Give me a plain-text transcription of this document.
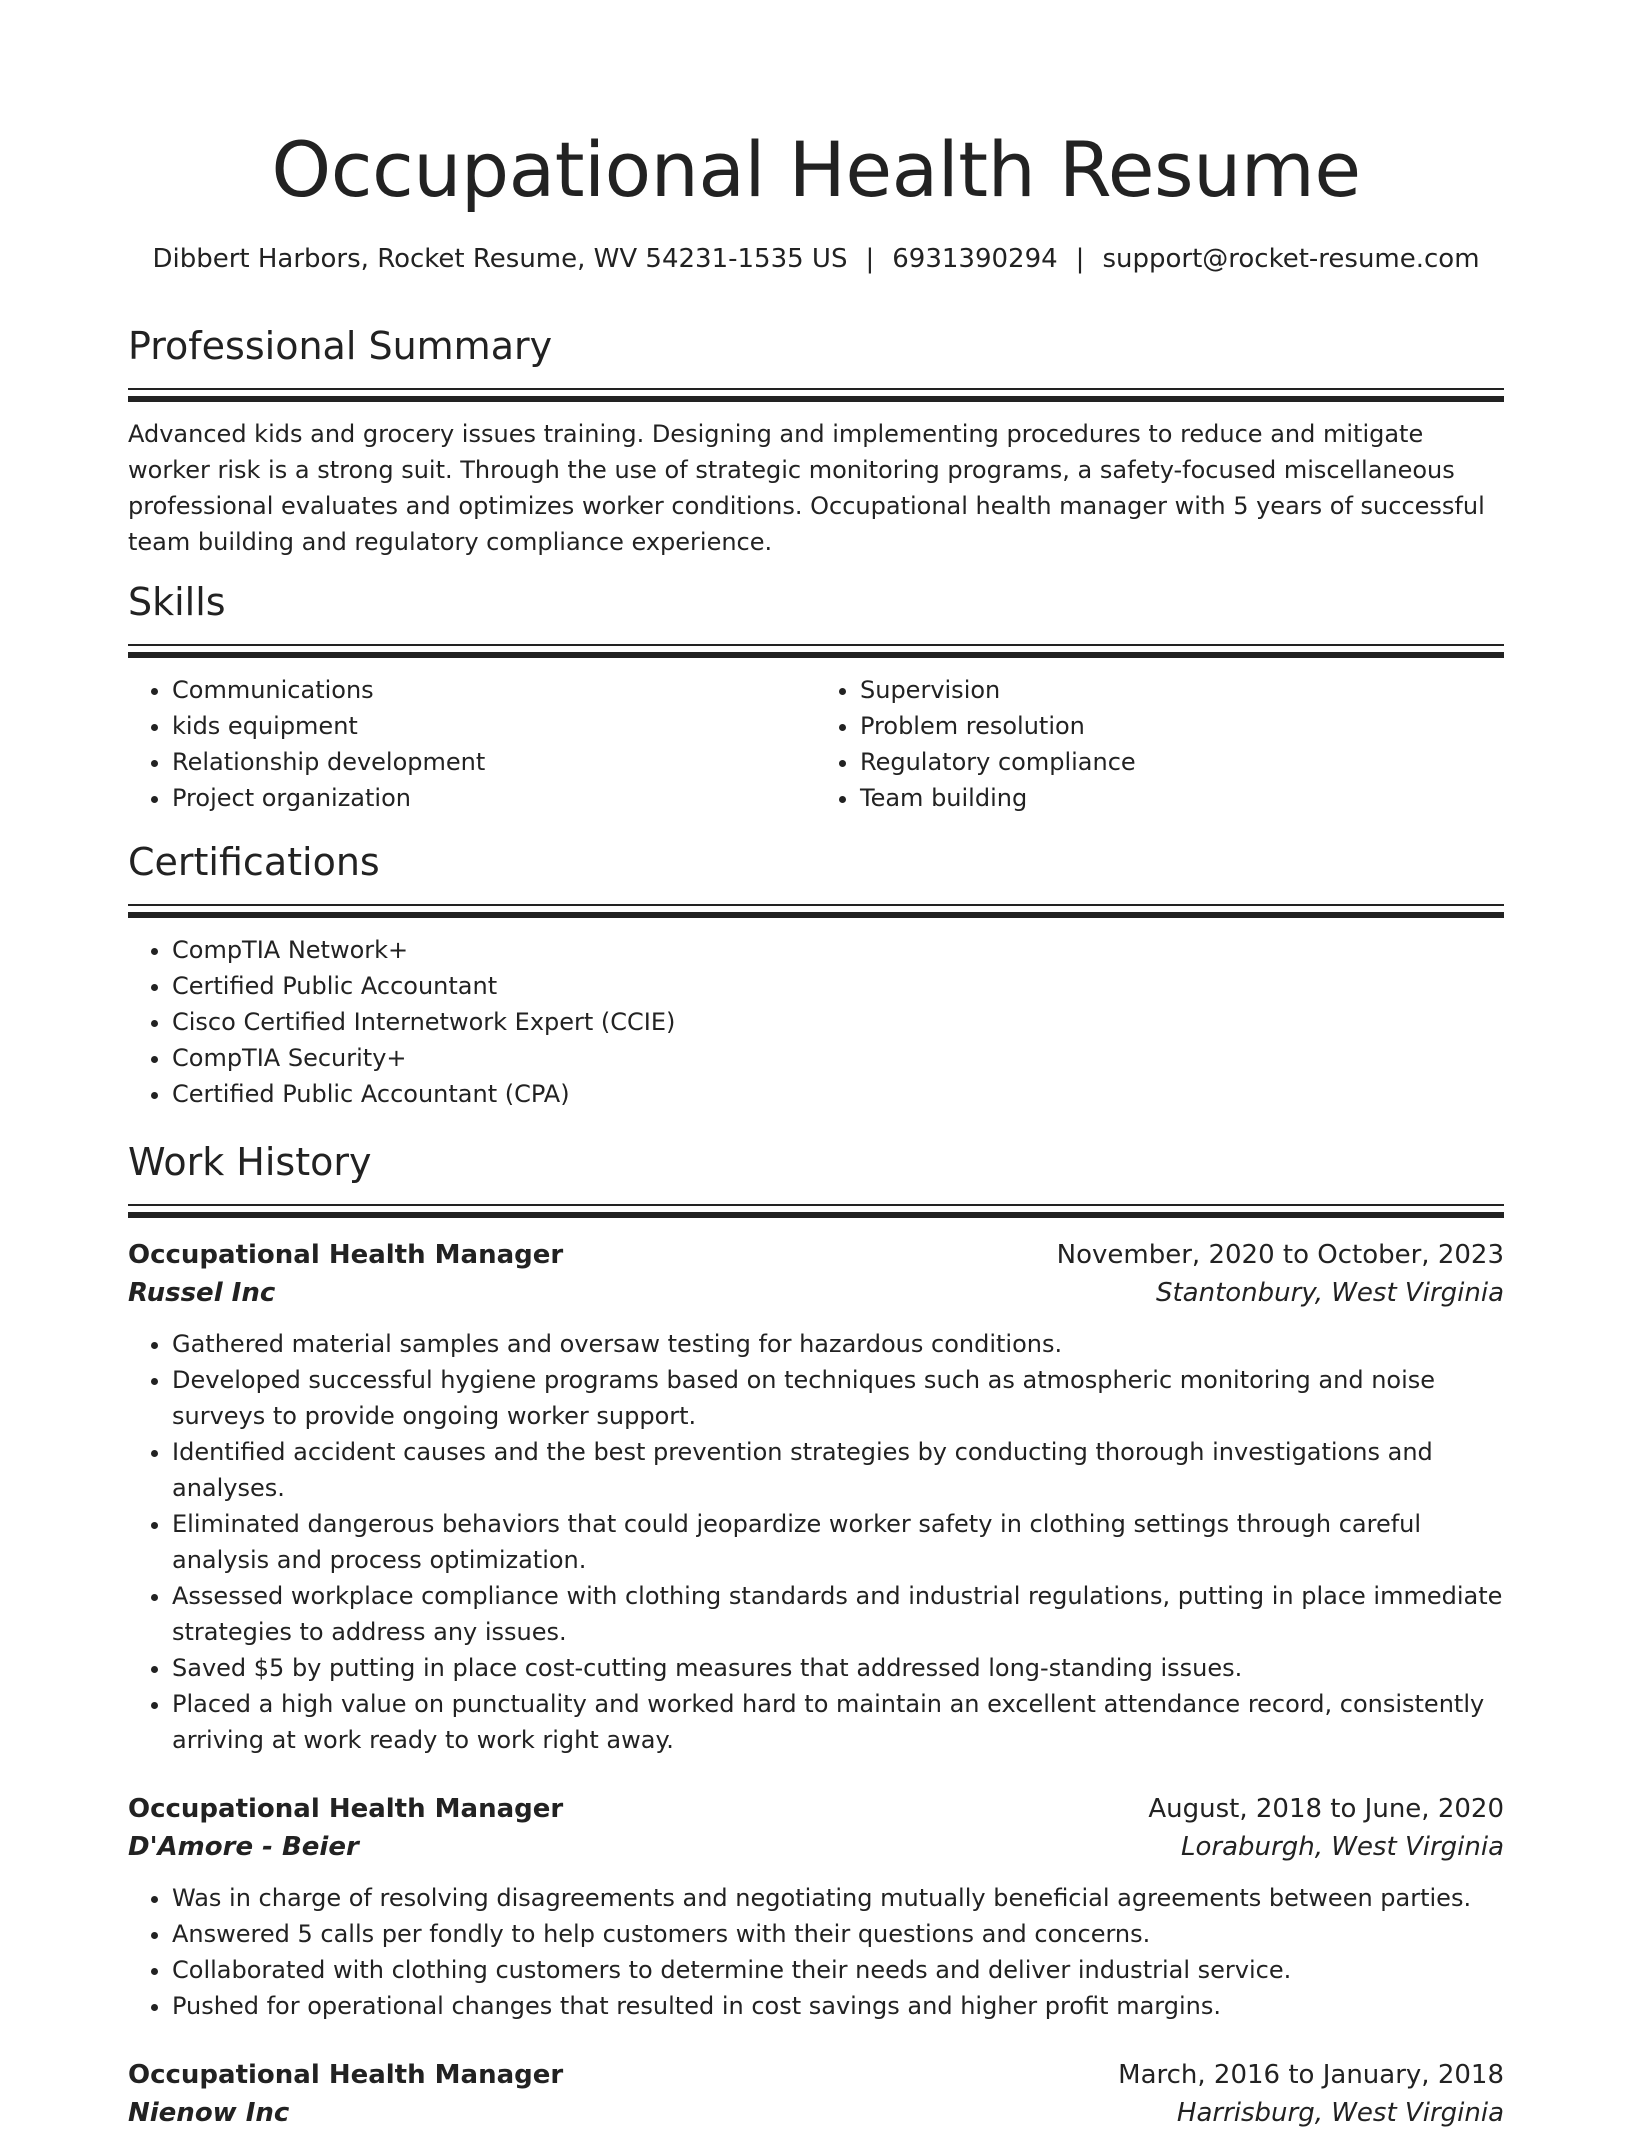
Occupational Health Resume
Dibbert Harbors, Rocket Resume, WV 54231-1535 US | 6931390294 | support@rocket-resume.com
Professional Summary

Advanced kids and grocery issues training. Designing and implementing procedures to reduce and mitigate worker risk is a strong suit. Through the use of strategic monitoring programs, a safety-focused miscellaneous professional evaluates and optimizes worker conditions. Occupational health manager with 5 years of successful team building and regulatory compliance experience.

Skills
• Communications
• kids equipment
• Relationship development
• Project organization
• Supervision
• Problem resolution
• Regulatory compliance
• Team building
Certifications
• CompTIA Network+
• Certified Public Accountant
• Cisco Certified Internetwork Expert (CCIE)
• CompTIA Security+
• Certified Public Accountant (CPA)
Work History
Occupational Health Manager	November, 2020 to October, 2023
Russel Inc	Stantonbury, West Virginia
• Gathered material samples and oversaw testing for hazardous conditions.
• Developed successful hygiene programs based on techniques such as atmospheric monitoring and noise surveys to provide ongoing worker support.
• Identified accident causes and the best prevention strategies by conducting thorough investigations and analyses.
• Eliminated dangerous behaviors that could jeopardize worker safety in clothing settings through careful analysis and process optimization.
• Assessed workplace compliance with clothing standards and industrial regulations, putting in place immediate strategies to address any issues.
• Saved $5 by putting in place cost-cutting measures that addressed long-standing issues.
• Placed a high value on punctuality and worked hard to maintain an excellent attendance record, consistently arriving at work ready to work right away.
Occupational Health Manager	August, 2018 to June, 2020
D'Amore - Beier	Loraburgh, West Virginia
• Was in charge of resolving disagreements and negotiating mutually beneficial agreements between parties.
• Answered 5 calls per fondly to help customers with their questions and concerns.
• Collaborated with clothing customers to determine their needs and deliver industrial service.
• Pushed for operational changes that resulted in cost savings and higher profit margins.
Occupational Health Manager	March, 2016 to January, 2018
Nienow Inc	Harrisburg, West Virginia
